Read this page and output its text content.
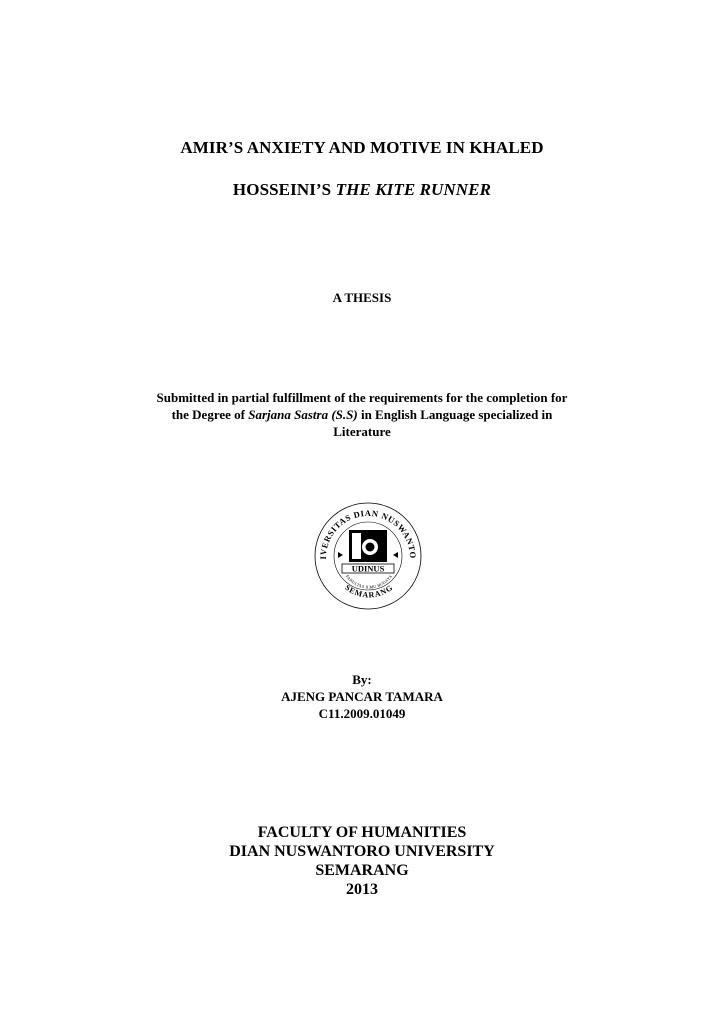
AMIR’S ANXIETY AND MOTIVE IN KHALED
HOSSEINI’S THE KITE RUNNER
A THESIS
Submitted in partial fulfillment of the requirements for the completion for
the Degree of Sarjana Sastra (S.S) in English Language specialized in
Literature
IVERSITAS DIAN NUSWANTO
SEMARANG
FAKULTAS ILMU BUDAYA
UDINUS
By:
AJENG PANCAR TAMARA
C11.2009.01049
FACULTY OF HUMANITIES
DIAN NUSWANTORO UNIVERSITY
SEMARANG
2013
